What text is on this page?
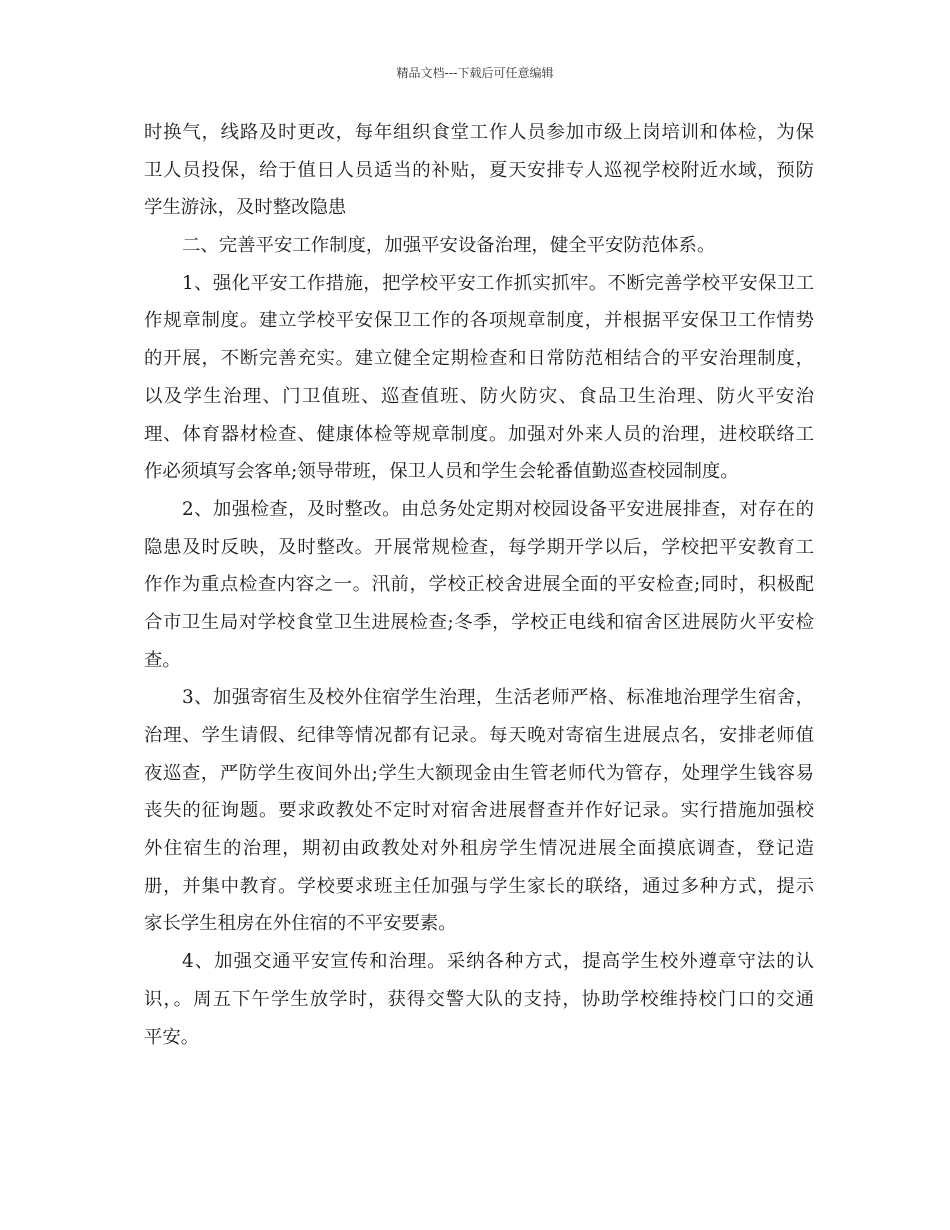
精品文档---下载后可任意编辑
时换气，线路及时更改，每年组织食堂工作人员参加市级上岗培训和体检，为保
卫人员投保，给于值日人员适当的补贴，夏天安排专人巡视学校附近水域，预防
学生游泳，及时整改隐患
二、完善平安工作制度，加强平安设备治理，健全平安防范体系。
1、强化平安工作措施，把学校平安工作抓实抓牢。不断完善学校平安保卫工
作规章制度。建立学校平安保卫工作的各项规章制度，并根据平安保卫工作情势
的开展，不断完善充实。建立健全定期检查和日常防范相结合的平安治理制度，
以及学生治理、门卫值班、巡查值班、防火防灾、食品卫生治理、防火平安治
理、体育器材检查、健康体检等规章制度。加强对外来人员的治理，进校联络工
作必须填写会客单;领导带班，保卫人员和学生会轮番值勤巡查校园制度。
2、加强检查，及时整改。由总务处定期对校园设备平安进展排查，对存在的
隐患及时反映，及时整改。开展常规检查，每学期开学以后，学校把平安教育工
作作为重点检查内容之一。汛前，学校正校舍进展全面的平安检查;同时，积极配
合市卫生局对学校食堂卫生进展检查;冬季，学校正电线和宿舍区进展防火平安检
查。
3、加强寄宿生及校外住宿学生治理，生活老师严格、标准地治理学生宿舍，
治理、学生请假、纪律等情况都有记录。每天晚对寄宿生进展点名，安排老师值
夜巡查，严防学生夜间外出;学生大额现金由生管老师代为管存，处理学生钱容易
丧失的征询题。要求政教处不定时对宿舍进展督查并作好记录。实行措施加强校
外住宿生的治理，期初由政教处对外租房学生情况进展全面摸底调查，登记造
册，并集中教育。学校要求班主任加强与学生家长的联络，通过多种方式，提示
家长学生租房在外住宿的不平安要素。
4、加强交通平安宣传和治理。采纳各种方式，提高学生校外遵章守法的认
识，。周五下午学生放学时，获得交警大队的支持，协助学校维持校门口的交通
平安。
